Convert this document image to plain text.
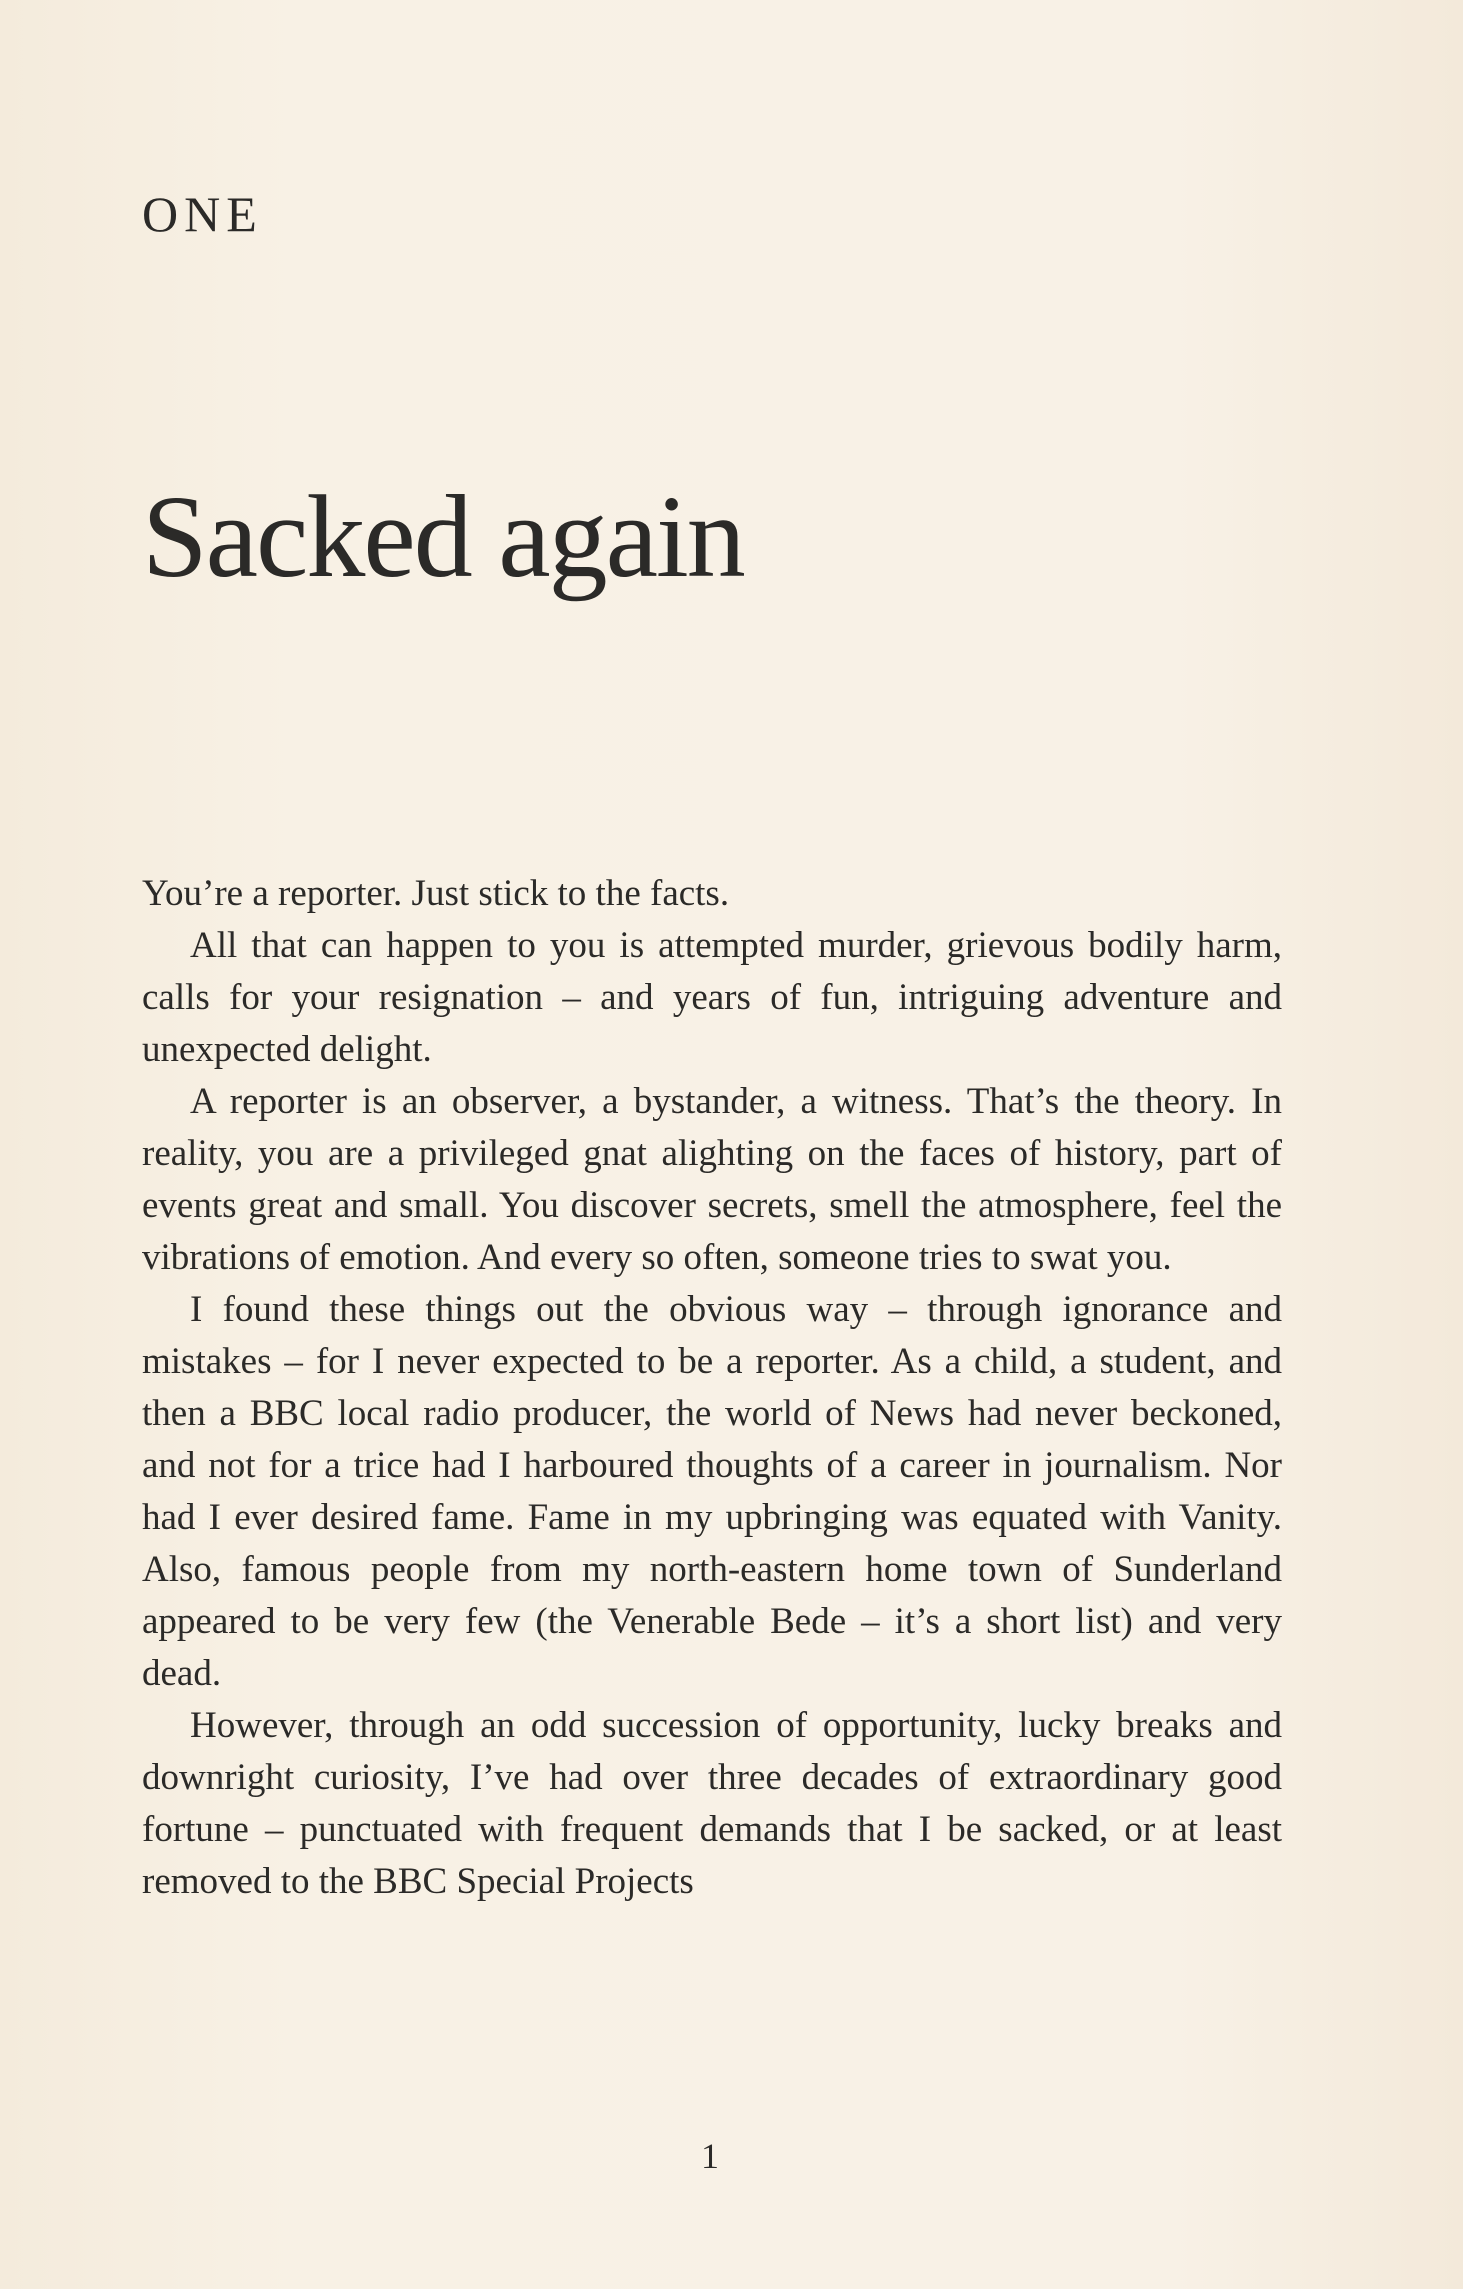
ONE
Sacked again

You’re a reporter. Just stick to the facts.

All that can happen to you is attempted murder, grievous bodily harm, calls for your resignation – and years of fun, intriguing adventure and unexpected delight.

A reporter is an observer, a bystander, a witness. That’s the theory. In reality, you are a privileged gnat alighting on the faces of history, part of events great and small. You discover secrets, smell the atmosphere, feel the vibrations of emotion. And every so often, someone tries to swat you.

I found these things out the obvious way – through ignorance and mistakes – for I never expected to be a reporter. As a child, a student, and then a BBC local radio producer, the world of News had never beckoned, and not for a trice had I harboured thoughts of a career in journalism. Nor had I ever desired fame. Fame in my upbringing was equated with Vanity. Also, famous people from my north-eastern home town of Sunderland appeared to be very few (the Venerable Bede – it’s a short list) and very dead.

However, through an odd succession of opportunity, lucky breaks and downright curiosity, I’ve had over three decades of extraordinary good fortune – punctuated with frequent demands that I be sacked, or at least removed to the BBC Special Projects

1
